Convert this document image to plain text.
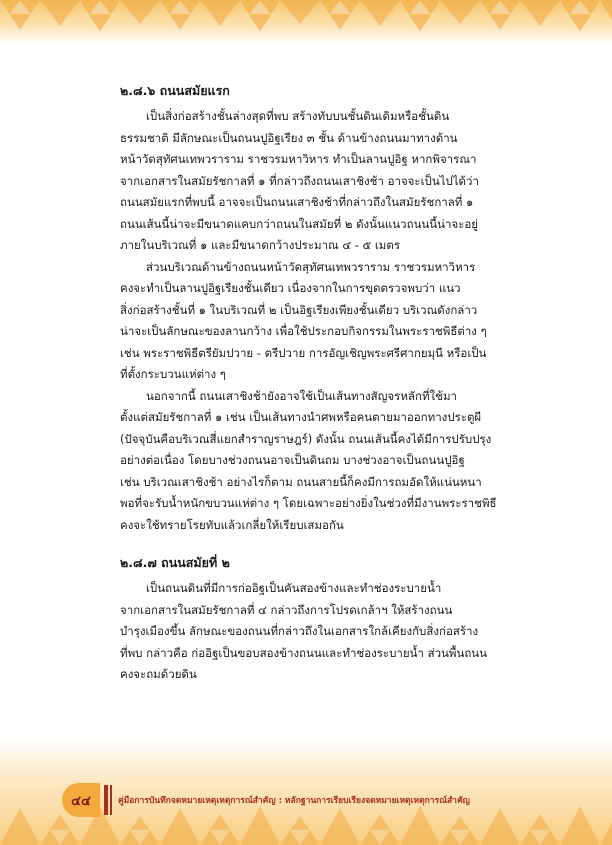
๒.๘.๖ ถนนสมัยแรก
เป็นสิ่งก่อสร้างชั้นล่างสุดที่พบ สร้างทับบนชั้นดินเดิมหรือชั้นดิน
ธรรมชาติ มีลักษณะเป็นถนนปูอิฐเรียง ๓ ชั้น ด้านข้างถนนมาทางด้าน
หน้าวัดสุทัศนเทพวราราม ราชวรมหาวิหาร ทำเป็นลานปูอิฐ หากพิจารณา
จากเอกสารในสมัยรัชกาลที่ ๑ ที่กล่าวถึงถนนเสาชิงช้า อาจจะเป็นไปได้ว่า
ถนนสมัยแรกที่พบนี้ อาจจะเป็นถนนเสาชิงช้าที่กล่าวถึงในสมัยรัชกาลที่ ๑
ถนนเส้นนี้น่าจะมีขนาดแคบกว่าถนนในสมัยที่ ๒ ดังนั้นแนวถนนนี้น่าจะอยู่
ภายในบริเวณที่ ๑ และมีขนาดกว้างประมาณ ๔ - ๕ เมตร
ส่วนบริเวณด้านข้างถนนหน้าวัดสุทัศนเทพวราราม ราชวรมหาวิหาร
คงจะทำเป็นลานปูอิฐเรียงชั้นเดียว เนื่องจากในการขุดตรวจพบว่า แนว
สิ่งก่อสร้างชั้นที่ ๑ ในบริเวณที่ ๒ เป็นอิฐเรียงเพียงชั้นเดียว บริเวณดังกล่าว
น่าจะเป็นลักษณะของลานกว้าง เพื่อใช้ประกอบกิจกรรมในพระราชพิธีต่าง ๆ
เช่น พระราชพิธีตรียัมปวาย - ตรีปวาย การอัญเชิญพระศรีศากยมุนี หรือเป็น
ที่ตั้งกระบวนแห่ต่าง ๆ
นอกจากนี้ ถนนเสาชิงช้ายังอาจใช้เป็นเส้นทางสัญจรหลักที่ใช้มา
ตั้งแต่สมัยรัชกาลที่ ๑ เช่น เป็นเส้นทางนำศพหรือคนตายมาออกทางประตูผี
(ปัจจุบันคือบริเวณสี่แยกสำราญราษฎร์) ดังนั้น ถนนเส้นนี้คงได้มีการปรับปรุง
อย่างต่อเนื่อง โดยบางช่วงถนนอาจเป็นดินถม บางช่วงอาจเป็นถนนปูอิฐ
เช่น บริเวณเสาชิงช้า อย่างไรก็ตาม ถนนสายนี้ก็คงมีการถมอัดให้แน่นหนา
พอที่จะรับน้ำหนักขบวนแห่ต่าง ๆ โดยเฉพาะอย่างยิ่งในช่วงที่มีงานพระราชพิธี
คงจะใช้ทรายโรยทับแล้วเกลี่ยให้เรียบเสมอกัน
๒.๘.๗ ถนนสมัยที่ ๒
เป็นถนนดินที่มีการก่ออิฐเป็นคันสองข้างและทำช่องระบายน้ำ
จากเอกสารในสมัยรัชกาลที่ ๔ กล่าวถึงการโปรดเกล้าฯ ให้สร้างถนน
บำรุงเมืองขึ้น ลักษณะของถนนที่กล่าวถึงในเอกสารใกล้เคียงกับสิ่งก่อสร้าง
ที่พบ กล่าวคือ ก่ออิฐเป็นขอบสองข้างถนนและทำช่องระบายน้ำ ส่วนพื้นถนน
คงจะถมด้วยดิน
๔๔	คู่มือการบันทึกจดหมายเหตุเหตุการณ์สำคัญ : หลักฐานการเรียบเรียงจดหมายเหตุเหตุการณ์สำคัญ
